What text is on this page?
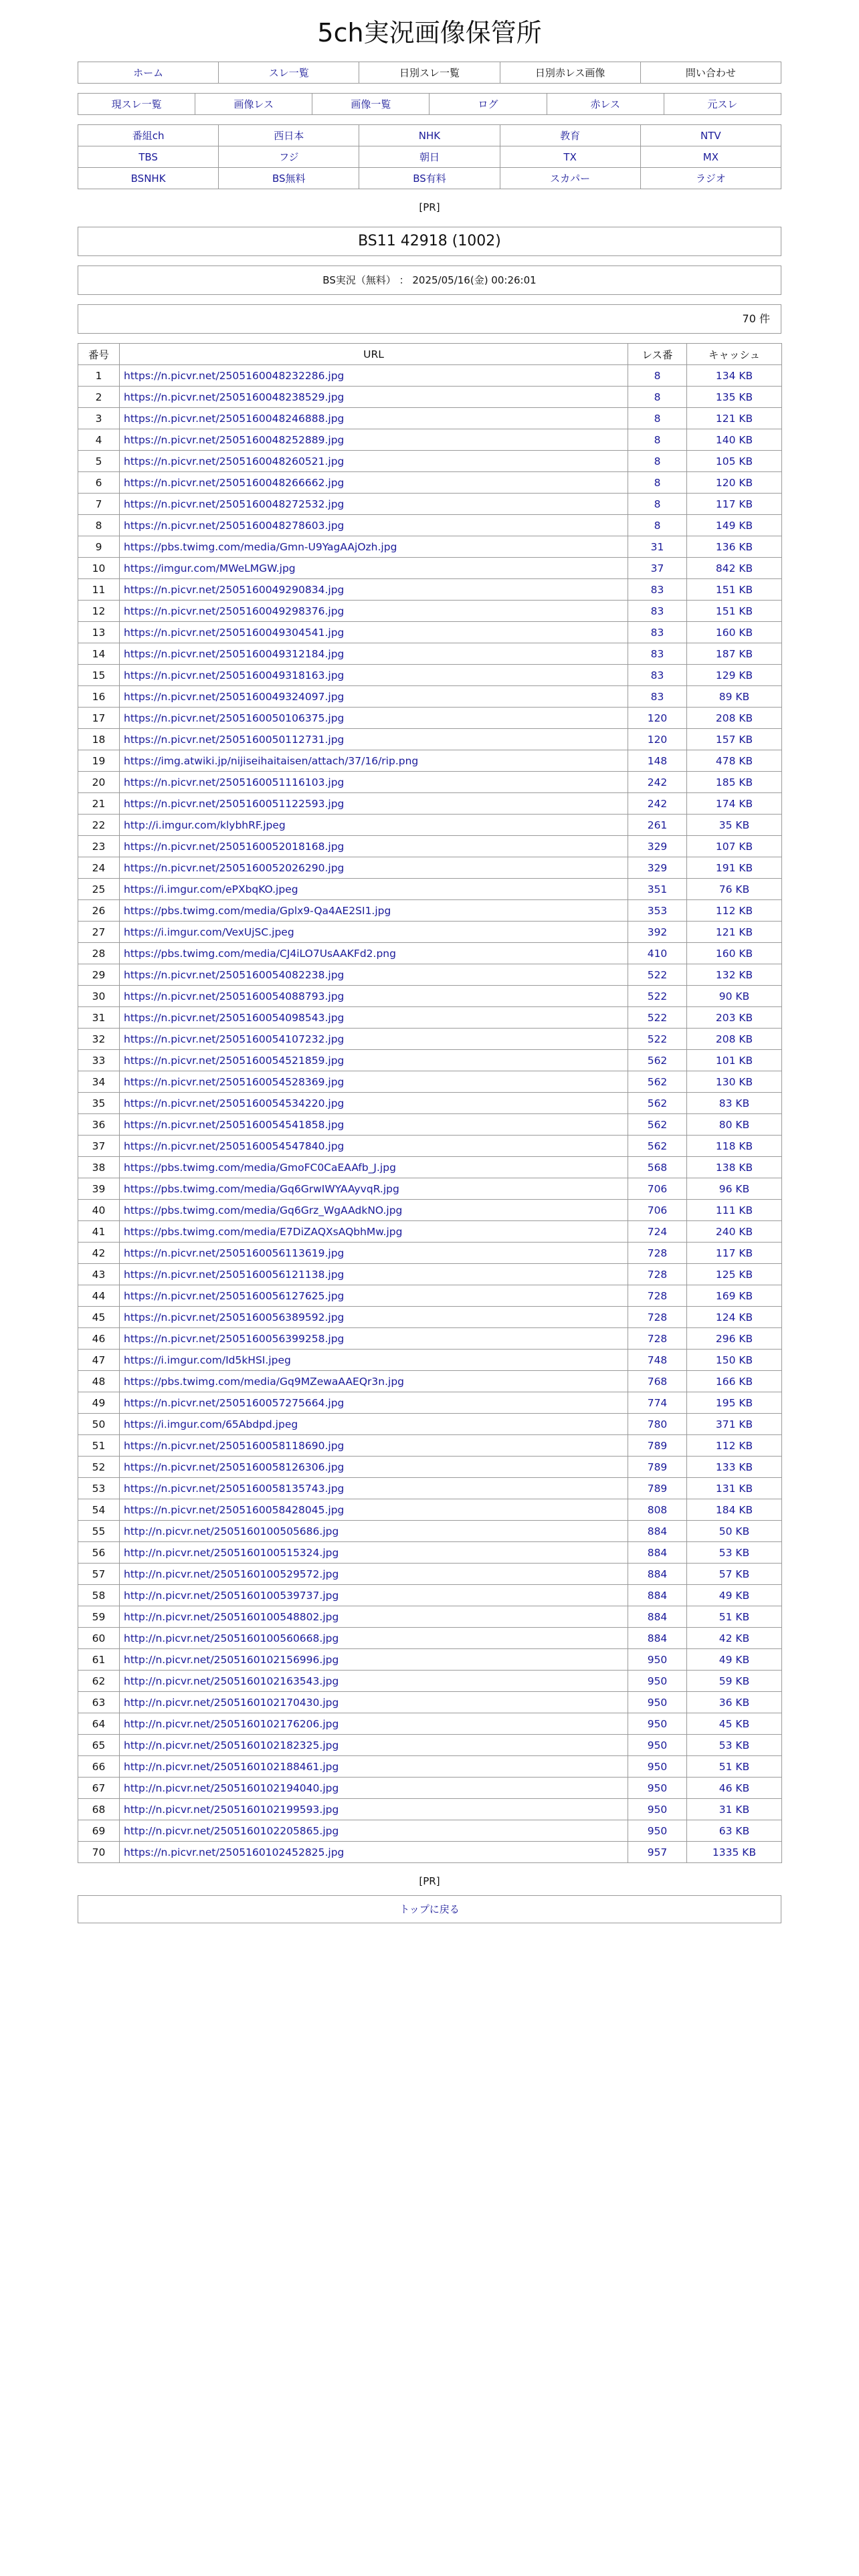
5ch実況画像保管所
ホーム	スレ一覧	日別スレ一覧	日別赤レス画像	問い合わせ
現スレ一覧	画像レス	画像一覧	ログ	赤レス	元スレ
番組ch	西日本	NHK	教育	NTV
TBS	フジ	朝日	TX	MX
BSNHK	BS無料	BS有料	スカパー	ラジオ
[PR]
BS11 42918 (1002)
BS実況（無料） ： 2025/05/16(金) 00:26:01
70 件
番号	URL	レス番	キャッシュ
1	https://n.picvr.net/2505160048232286.jpg	8	134 KB
2	https://n.picvr.net/2505160048238529.jpg	8	135 KB
3	https://n.picvr.net/2505160048246888.jpg	8	121 KB
4	https://n.picvr.net/2505160048252889.jpg	8	140 KB
5	https://n.picvr.net/2505160048260521.jpg	8	105 KB
6	https://n.picvr.net/2505160048266662.jpg	8	120 KB
7	https://n.picvr.net/2505160048272532.jpg	8	117 KB
8	https://n.picvr.net/2505160048278603.jpg	8	149 KB
9	https://pbs.twimg.com/media/Gmn-U9YagAAjOzh.jpg	31	136 KB
10	https://imgur.com/MWeLMGW.jpg	37	842 KB
11	https://n.picvr.net/2505160049290834.jpg	83	151 KB
12	https://n.picvr.net/2505160049298376.jpg	83	151 KB
13	https://n.picvr.net/2505160049304541.jpg	83	160 KB
14	https://n.picvr.net/2505160049312184.jpg	83	187 KB
15	https://n.picvr.net/2505160049318163.jpg	83	129 KB
16	https://n.picvr.net/2505160049324097.jpg	83	89 KB
17	https://n.picvr.net/2505160050106375.jpg	120	208 KB
18	https://n.picvr.net/2505160050112731.jpg	120	157 KB
19	https://img.atwiki.jp/nijiseihaitaisen/attach/37/16/rip.png	148	478 KB
20	https://n.picvr.net/2505160051116103.jpg	242	185 KB
21	https://n.picvr.net/2505160051122593.jpg	242	174 KB
22	http://i.imgur.com/klybhRF.jpeg	261	35 KB
23	https://n.picvr.net/2505160052018168.jpg	329	107 KB
24	https://n.picvr.net/2505160052026290.jpg	329	191 KB
25	https://i.imgur.com/ePXbqKO.jpeg	351	76 KB
26	https://pbs.twimg.com/media/Gplx9-Qa4AE2SI1.jpg	353	112 KB
27	https://i.imgur.com/VexUjSC.jpeg	392	121 KB
28	https://pbs.twimg.com/media/CJ4iLO7UsAAKFd2.png	410	160 KB
29	https://n.picvr.net/2505160054082238.jpg	522	132 KB
30	https://n.picvr.net/2505160054088793.jpg	522	90 KB
31	https://n.picvr.net/2505160054098543.jpg	522	203 KB
32	https://n.picvr.net/2505160054107232.jpg	522	208 KB
33	https://n.picvr.net/2505160054521859.jpg	562	101 KB
34	https://n.picvr.net/2505160054528369.jpg	562	130 KB
35	https://n.picvr.net/2505160054534220.jpg	562	83 KB
36	https://n.picvr.net/2505160054541858.jpg	562	80 KB
37	https://n.picvr.net/2505160054547840.jpg	562	118 KB
38	https://pbs.twimg.com/media/GmoFC0CaEAAfb_J.jpg	568	138 KB
39	https://pbs.twimg.com/media/Gq6GrwIWYAAyvqR.jpg	706	96 KB
40	https://pbs.twimg.com/media/Gq6Grz_WgAAdkNO.jpg	706	111 KB
41	https://pbs.twimg.com/media/E7DiZAQXsAQbhMw.jpg	724	240 KB
42	https://n.picvr.net/2505160056113619.jpg	728	117 KB
43	https://n.picvr.net/2505160056121138.jpg	728	125 KB
44	https://n.picvr.net/2505160056127625.jpg	728	169 KB
45	https://n.picvr.net/2505160056389592.jpg	728	124 KB
46	https://n.picvr.net/2505160056399258.jpg	728	296 KB
47	https://i.imgur.com/Id5kHSI.jpeg	748	150 KB
48	https://pbs.twimg.com/media/Gq9MZewaAAEQr3n.jpg	768	166 KB
49	https://n.picvr.net/2505160057275664.jpg	774	195 KB
50	https://i.imgur.com/65Abdpd.jpeg	780	371 KB
51	https://n.picvr.net/2505160058118690.jpg	789	112 KB
52	https://n.picvr.net/2505160058126306.jpg	789	133 KB
53	https://n.picvr.net/2505160058135743.jpg	789	131 KB
54	https://n.picvr.net/2505160058428045.jpg	808	184 KB
55	http://n.picvr.net/2505160100505686.jpg	884	50 KB
56	http://n.picvr.net/2505160100515324.jpg	884	53 KB
57	http://n.picvr.net/2505160100529572.jpg	884	57 KB
58	http://n.picvr.net/2505160100539737.jpg	884	49 KB
59	http://n.picvr.net/2505160100548802.jpg	884	51 KB
60	http://n.picvr.net/2505160100560668.jpg	884	42 KB
61	http://n.picvr.net/2505160102156996.jpg	950	49 KB
62	http://n.picvr.net/2505160102163543.jpg	950	59 KB
63	http://n.picvr.net/2505160102170430.jpg	950	36 KB
64	http://n.picvr.net/2505160102176206.jpg	950	45 KB
65	http://n.picvr.net/2505160102182325.jpg	950	53 KB
66	http://n.picvr.net/2505160102188461.jpg	950	51 KB
67	http://n.picvr.net/2505160102194040.jpg	950	46 KB
68	http://n.picvr.net/2505160102199593.jpg	950	31 KB
69	http://n.picvr.net/2505160102205865.jpg	950	63 KB
70	https://n.picvr.net/2505160102452825.jpg	957	1335 KB
[PR]
トップに戻る
